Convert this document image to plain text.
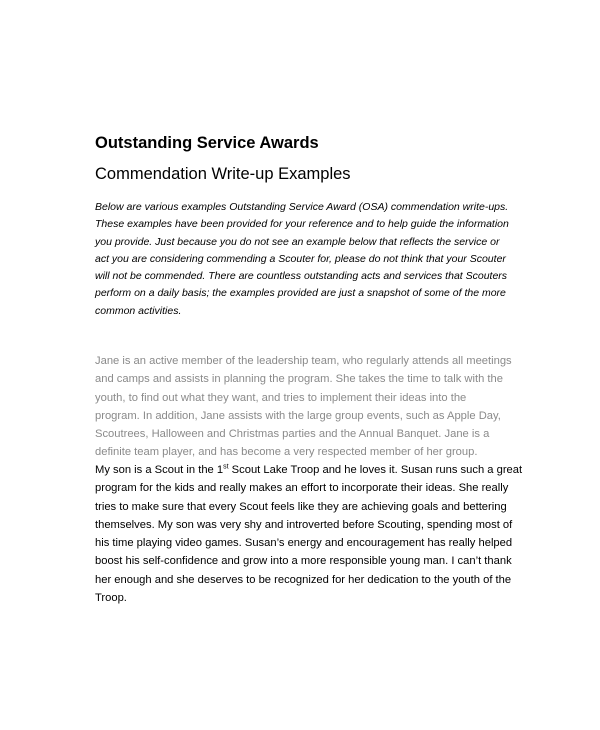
Outstanding Service Awards
Commendation Write-up Examples

Below are various examples Outstanding Service Award (OSA) commendation write-ups.
These examples have been provided for your reference and to help guide the information
you provide. Just because you do not see an example below that reflects the service or
act you are considering commending a Scouter for, please do not think that your Scouter
will not be commended. There are countless outstanding acts and services that Scouters
perform on a daily basis; the examples provided are just a snapshot of some of the more
common activities.

Jane is an active member of the leadership team, who regularly attends all meetings
and camps and assists in planning the program. She takes the time to talk with the
youth, to find out what they want, and tries to implement their ideas into the
program. In addition, Jane assists with the large group events, such as Apple Day,
Scoutrees, Halloween and Christmas parties and the Annual Banquet. Jane is a
definite team player, and has become a very respected member of her group.

My son is a Scout in the 1st Scout Lake Troop and he loves it. Susan runs such a great
program for the kids and really makes an effort to incorporate their ideas. She really
tries to make sure that every Scout feels like they are achieving goals and bettering
themselves. My son was very shy and introverted before Scouting, spending most of
his time playing video games. Susan’s energy and encouragement has really helped
boost his self-confidence and grow into a more responsible young man. I can’t thank
her enough and she deserves to be recognized for her dedication to the youth of the
Troop.
